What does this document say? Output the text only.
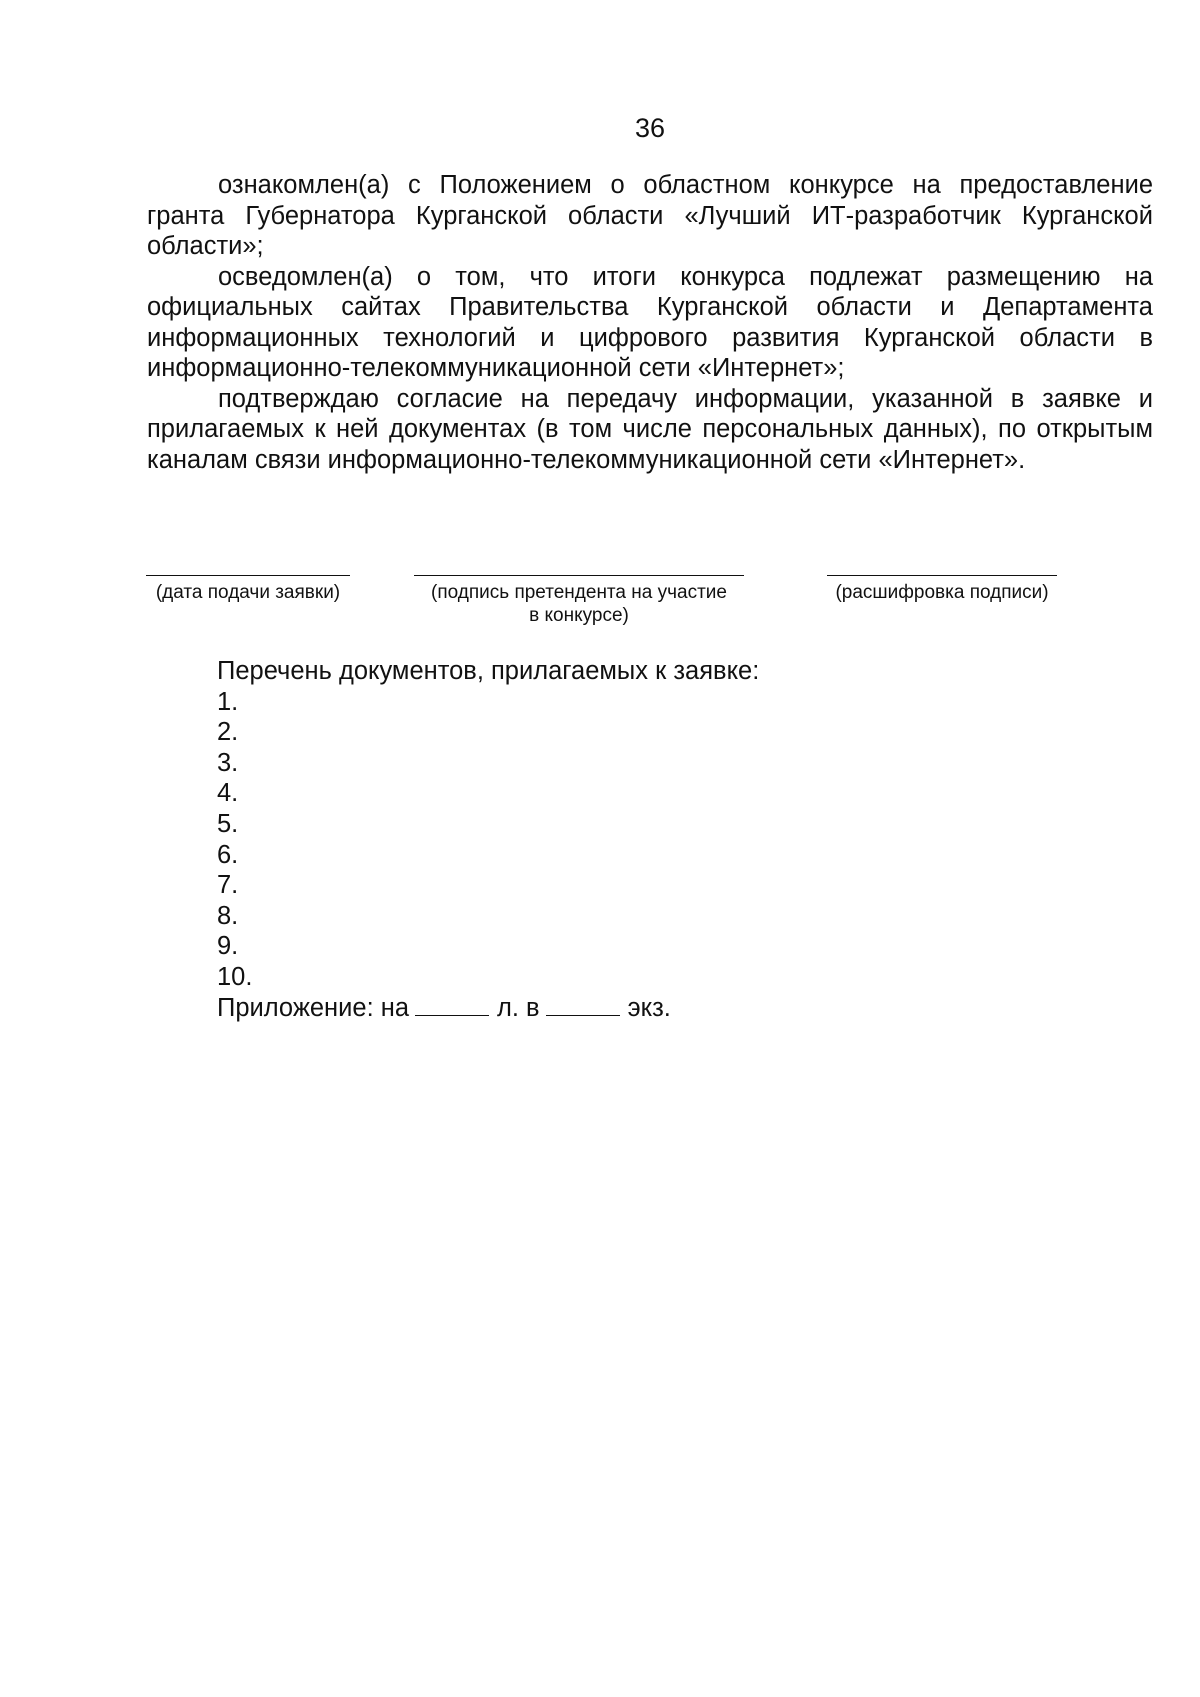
36

ознакомлен(а) с Положением о областном конкурсе на предоставление гранта Губернатора Курганской области «Лучший ИТ-разработчик Курганской области»;

осведомлен(а) о том, что итоги конкурса подлежат размещению на официальных сайтах Правительства Курганской области и Департамента информационных технологий и цифрового развития Курганской области в информационно-телекоммуникационной сети «Интернет»;

подтверждаю согласие на передачу информации, указанной в заявке и прилагаемых к ней документах (в том числе персональных данных), по открытым каналам связи информационно-телекоммуникационной сети «Интернет».

(дата подачи заявки)	(подпись претендента на участие
в конкурсе)
(расшифровка подписи)

Перечень документов, прилагаемых к заявке:

1.

2.

3.

4.

5.

6.

7.

8.

9.

10.

Приложение: на	л. в	экз.
